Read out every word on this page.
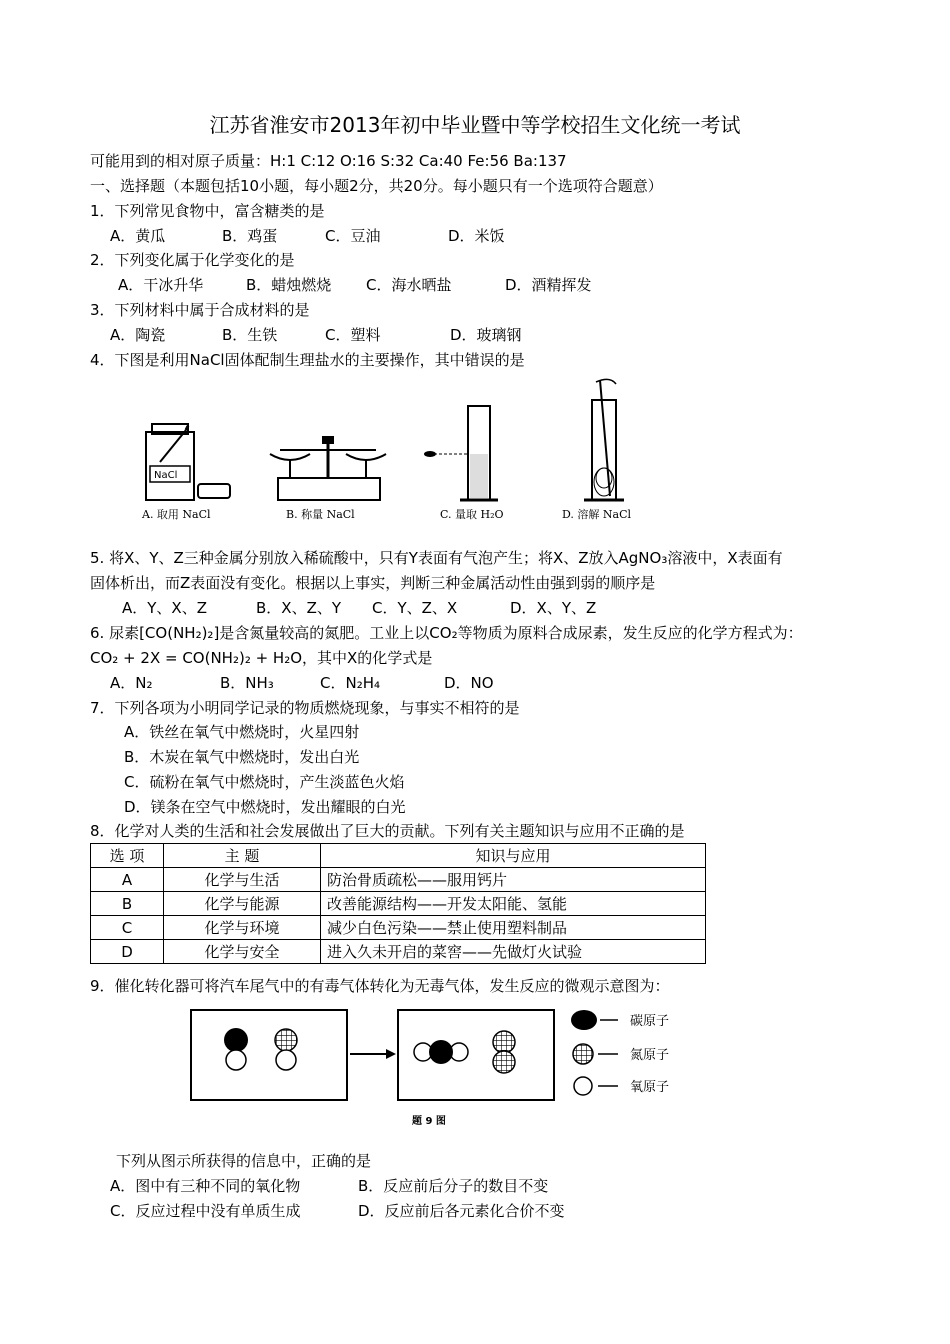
江苏省淮安市2013年初中毕业暨中等学校招生文化统一考试
可能用到的相对原子质量：H:1 C:12 O:16 S:32 Ca:40 Fe:56 Ba:137
一、选择题（本题包括10小题，每小题2分，共20分。每小题只有一个选项符合题意）
1．下列常见食物中，富含糖类的是
A．黄瓜	B．鸡蛋	C．豆油	D．米饭
2．下列变化属于化学变化的是
A．干冰升华	B．蜡烛燃烧 C．海水晒盐	D．酒精挥发
3．下列材料中属于合成材料的是
A．陶瓷	B．生铁	C．塑料	D．玻璃钢
4．下图是利用NaCl固体配制生理盐水的主要操作，其中错误的是
NaCl
A. 取用 NaCl	B. 称量 NaCl	C. 量取 H₂O	D. 溶解 NaCl
5. 将X、Y、Z三种金属分别放入稀硫酸中，只有Y表面有气泡产生；将X、Z放入AgNO₃溶液中，X表面有
固体析出，而Z表面没有变化。根据以上事实，判断三种金属活动性由强到弱的顺序是
A．Y、X、Z	B．X、Z、Y C．Y、Z、X	D．X、Y、Z
6. 尿素[CO(NH₂)₂]是含氮量较高的氮肥。工业上以CO₂等物质为原料合成尿素，发生反应的化学方程式为：
CO₂ + 2X = CO(NH₂)₂ + H₂O，其中X的化学式是
A．N₂	B．NH₃	C．N₂H₄	D．NO
7．下列各项为小明同学记录的物质燃烧现象，与事实不相符的是
A．铁丝在氧气中燃烧时，火星四射
B．木炭在氧气中燃烧时，发出白光
C．硫粉在氧气中燃烧时，产生淡蓝色火焰
D．镁条在空气中燃烧时，发出耀眼的白光
8．化学对人类的生活和社会发展做出了巨大的贡献。下列有关主题知识与应用不正确的是
选 项	主 题	知识与应用
A	化学与生活	防治骨质疏松——服用钙片
B	化学与能源	改善能源结构——开发太阳能、氢能
C	化学与环境	减少白色污染——禁止使用塑料制品
D	化学与安全	进入久未开启的菜窖——先做灯火试验
9．催化转化器可将汽车尾气中的有毒气体转化为无毒气体，发生反应的微观示意图为：
碳原子
氮原子
氧原子
题 9 图
下列从图示所获得的信息中，正确的是
A．图中有三种不同的氧化物	B．反应前后分子的数目不变
C．反应过程中没有单质生成	D．反应前后各元素化合价不变
